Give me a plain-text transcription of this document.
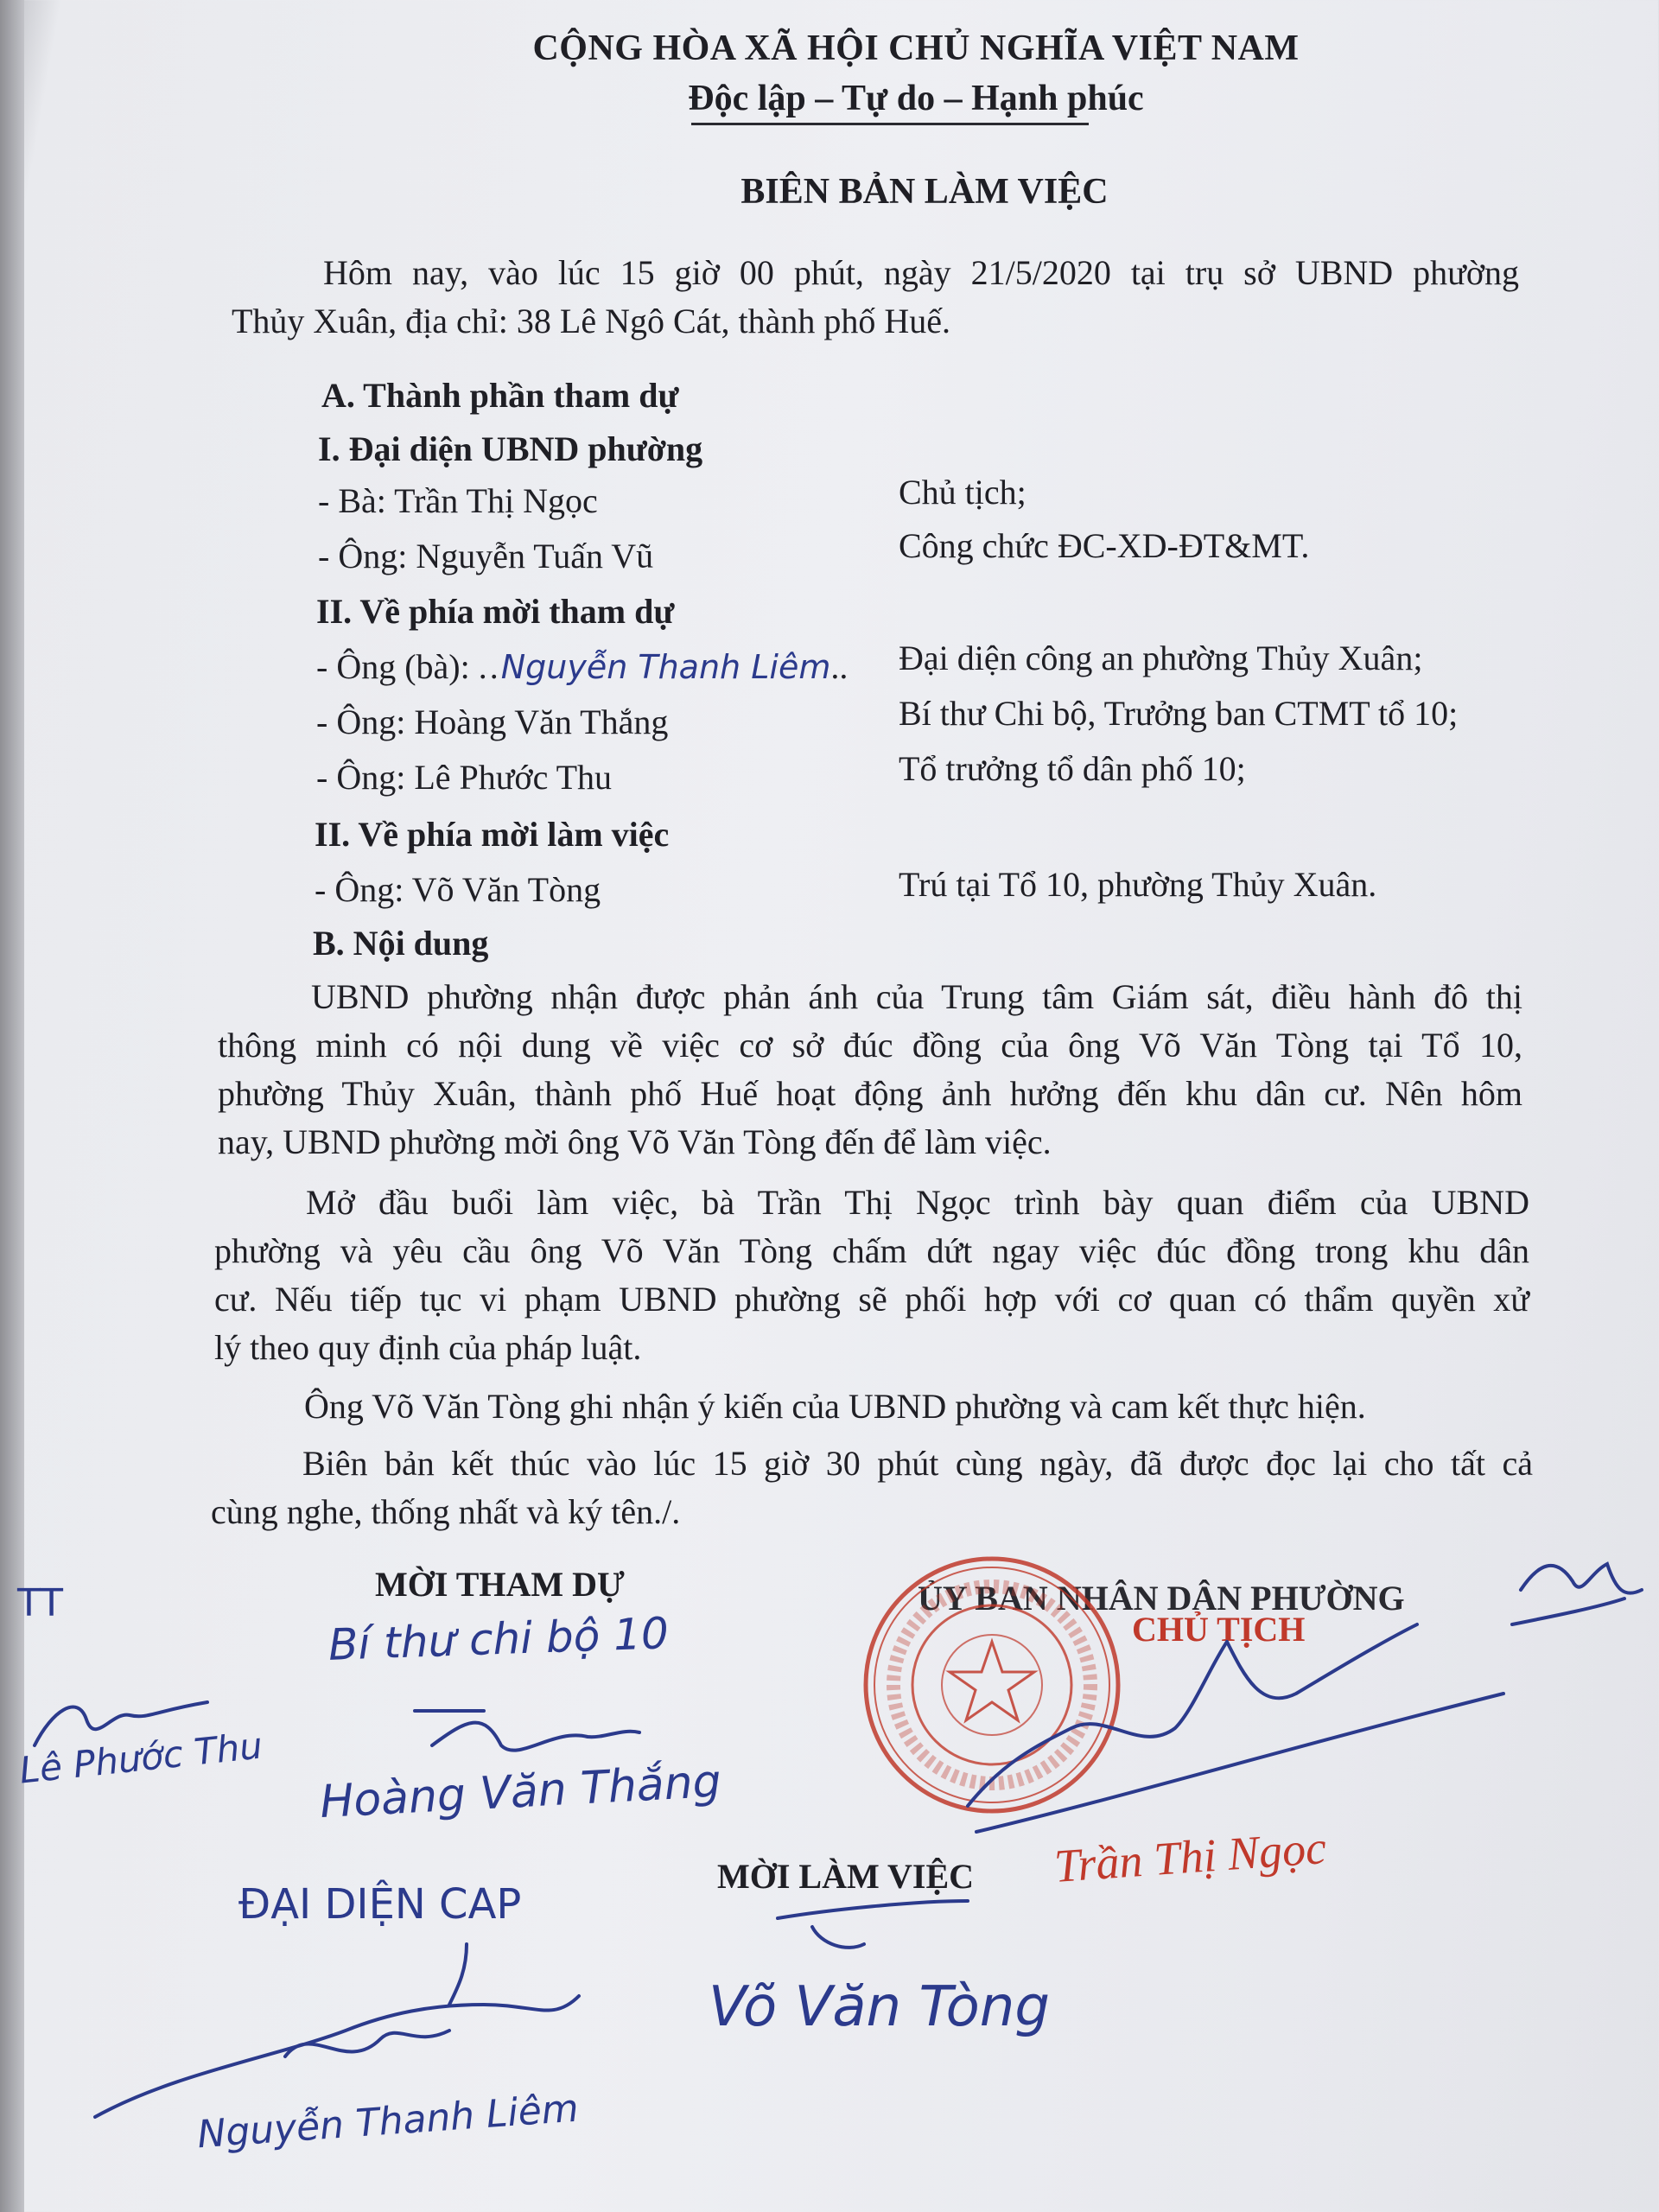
CỘNG HÒA XÃ HỘI CHỦ NGHĨA VIỆT NAM
Độc lập – Tự do – Hạnh phúc
BIÊN BẢN LÀM VIỆC
Hôm nay, vào lúc 15 giờ 00 phút, ngày 21/5/2020 tại trụ sở UBND phường
Thủy Xuân, địa chỉ: 38 Lê Ngô Cát, thành phố Huế.
A. Thành phần tham dự
I. Đại diện UBND phường
- Bà: Trần Thị Ngọc	Chủ tịch;
- Ông: Nguyễn Tuấn Vũ	Công chức ĐC-XD-ĐT&MT.
II. Về phía mời tham dự
- Ông (bà): ..Nguyễn Thanh Liêm.. Đại diện công an phường Thủy Xuân;
- Ông: Hoàng Văn Thắng	Bí thư Chi bộ, Trưởng ban CTMT tổ 10;
- Ông: Lê Phước Thu	Tổ trưởng tổ dân phố 10;
II. Về phía mời làm việc
- Ông: Võ Văn Tòng	Trú tại Tổ 10, phường Thủy Xuân.
B. Nội dung
UBND phường nhận được phản ánh của Trung tâm Giám sát, điều hành đô thị
thông minh có nội dung về việc cơ sở đúc đồng của ông Võ Văn Tòng tại Tổ 10,
phường Thủy Xuân, thành phố Huế hoạt động ảnh hưởng đến khu dân cư. Nên hôm
nay, UBND phường mời ông Võ Văn Tòng đến để làm việc.
Mở đầu buổi làm việc, bà Trần Thị Ngọc trình bày quan điểm của UBND
phường và yêu cầu ông Võ Văn Tòng chấm dứt ngay việc đúc đồng trong khu dân
cư. Nếu tiếp tục vi phạm UBND phường sẽ phối hợp với cơ quan có thẩm quyền xử
lý theo quy định của pháp luật.
Ông Võ Văn Tòng ghi nhận ý kiến của UBND phường và cam kết thực hiện.
Biên bản kết thúc vào lúc 15 giờ 30 phút cùng ngày, đã được đọc lại cho tất cả
cùng nghe, thống nhất và ký tên./.
MỜI THAM DỰ	ỦY BAN NHÂN DÂN PHƯỜNG
CHỦ TỊCH
MỜI LÀM VIỆC
TT
Lê Phước Thu
Bí thư chi bộ 10
Hoàng Văn Thắng
ĐẠI DIỆN CAP
Nguyễn Thanh Liêm
Võ Văn Tòng
Trần Thị Ngọc
